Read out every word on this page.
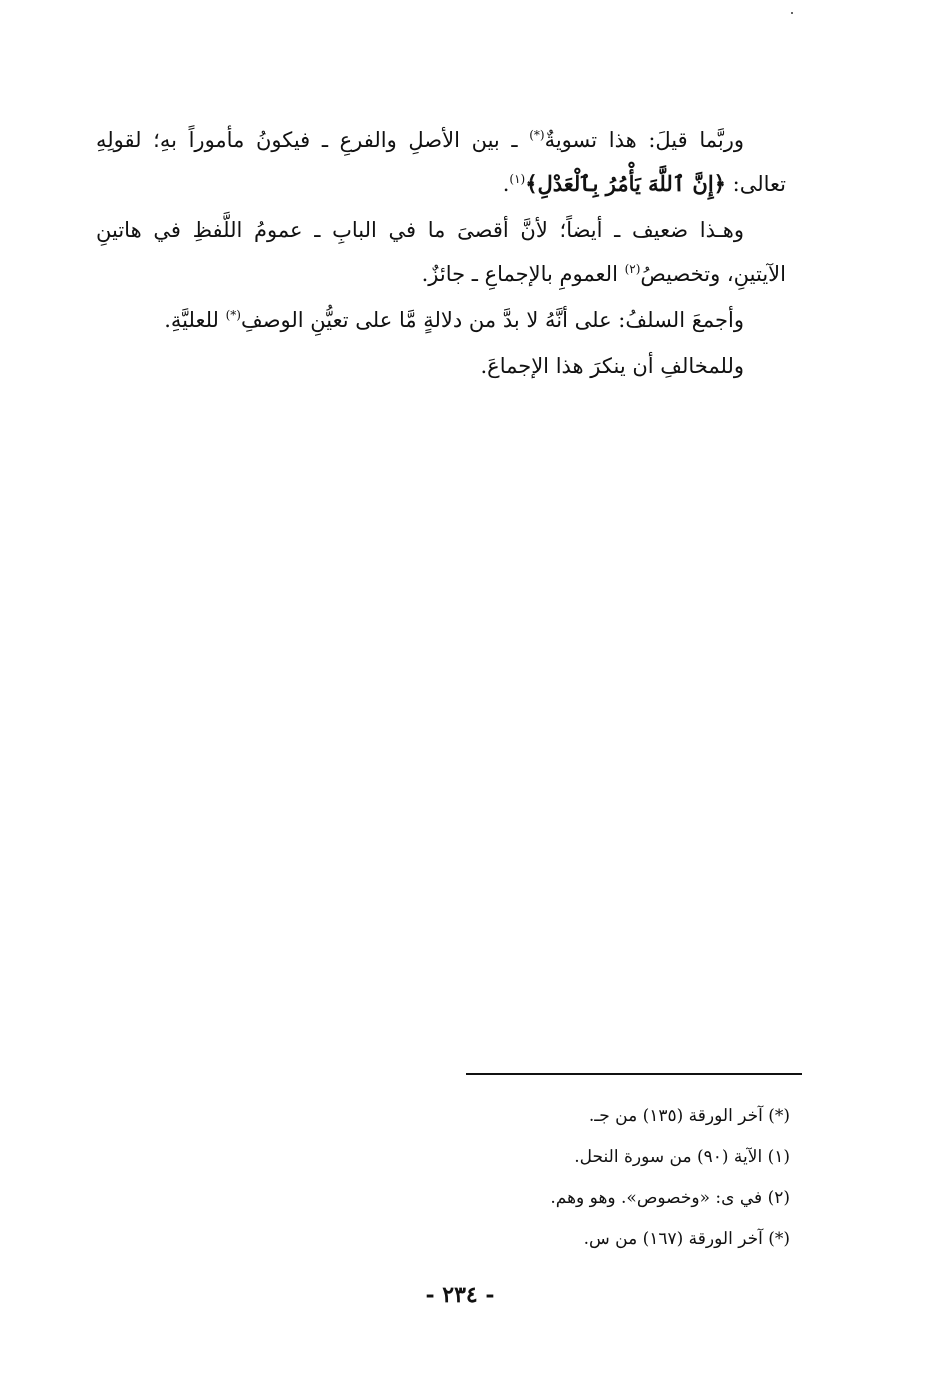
وربَّما قيلَ: هذا تسويةٌ(*) ـ بين الأصلِ والفرعِ ـ فيكونُ مأموراً بهِ؛ لقولِهِ تعالى: ﴿إِنَّ ٱللَّهَ يَأْمُرُ بِٱلْعَدْلِ﴾$^{(١)}$.

وهـذا ضعيف ـ أيضاً؛ لأنَّ أقصىَ ما في البابِ ـ عمومُ اللَّفظِ في هاتينِ الآيتينِ، وتخصيصُ$^{(٢)}$ العمومِ بالإجماعِ ـ جائزٌ.

وأجمعَ السلفُ: على أنَّهُ لا بدَّ من دلالةٍ مَّا على تعيُّنِ الوصفِ(*) للعليَّةِ.

وللمخالفِ أن ينكرَ هذا الإجماعَ.

(*) آخر الورقة (١٣٥) من جـ.

(١) الآية (٩٠) من سورة النحل.

(٢) في ى: «وخصوص». وهو وهم.

(*) آخر الورقة (١٦٧) من س.

- ٢٣٤ -
